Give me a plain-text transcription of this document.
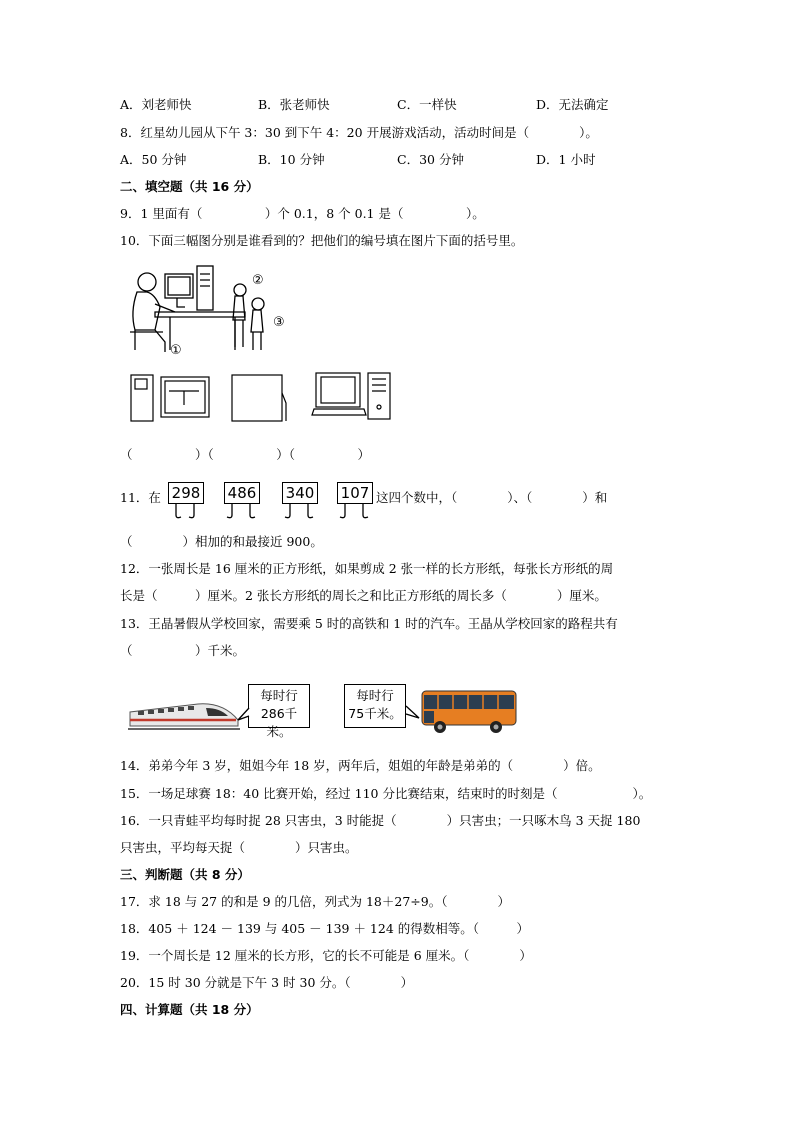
A．刘老师快	B．张老师快	C．一样快	D．无法确定
8．红星幼儿园从下午 3：30 到下午 4：20 开展游戏活动，活动时间是（　　　　）。
A．50 分钟	B．10 分钟	C．30 分钟	D．1 小时
二、填空题（共 16 分）
9．1 里面有（　　　　　）个 0.1，8 个 0.1 是（　　　　　）。
10．下面三幅图分别是谁看到的？把他们的编号填在图片下面的括号里。
①
②
③
（　　　　　）（　　　　　）（　　　　　）
11．在 298 486 340 107 这四个数中，（　　　　）、（　　　　）和
（　　　　）相加的和最接近 900。
12．一张周长是 16 厘米的正方形纸，如果剪成 2 张一样的长方形纸，每张长方形纸的周
长是（　　　）厘米。2 张长方形纸的周长之和比正方形纸的周长多（　　　　）厘米。
13．王晶暑假从学校回家，需要乘 5 时的高铁和 1 时的汽车。王晶从学校回家的路程共有
（　　　　　）千米。
每时行
286千米。
每时行
75千米。
14．弟弟今年 3 岁，姐姐今年 18 岁，两年后，姐姐的年龄是弟弟的（　　　　）倍。
15．一场足球赛 18：40 比赛开始，经过 110 分比赛结束，结束时的时刻是（　　　　　　）。
16．一只青蛙平均每时捉 28 只害虫，3 时能捉（　　　　）只害虫；一只啄木鸟 3 天捉 180
只害虫，平均每天捉（　　　　）只害虫。
三、判断题（共 8 分）
17．求 18 与 27 的和是 9 的几倍，列式为 18＋27÷9。（　　　　）
18．405 ＋ 124 － 139 与 405 － 139 ＋ 124 的得数相等。（　　　）
19．一个周长是 12 厘米的长方形，它的长不可能是 6 厘米。（　　　　）
20．15 时 30 分就是下午 3 时 30 分。（　　　　）
四、计算题（共 18 分）
